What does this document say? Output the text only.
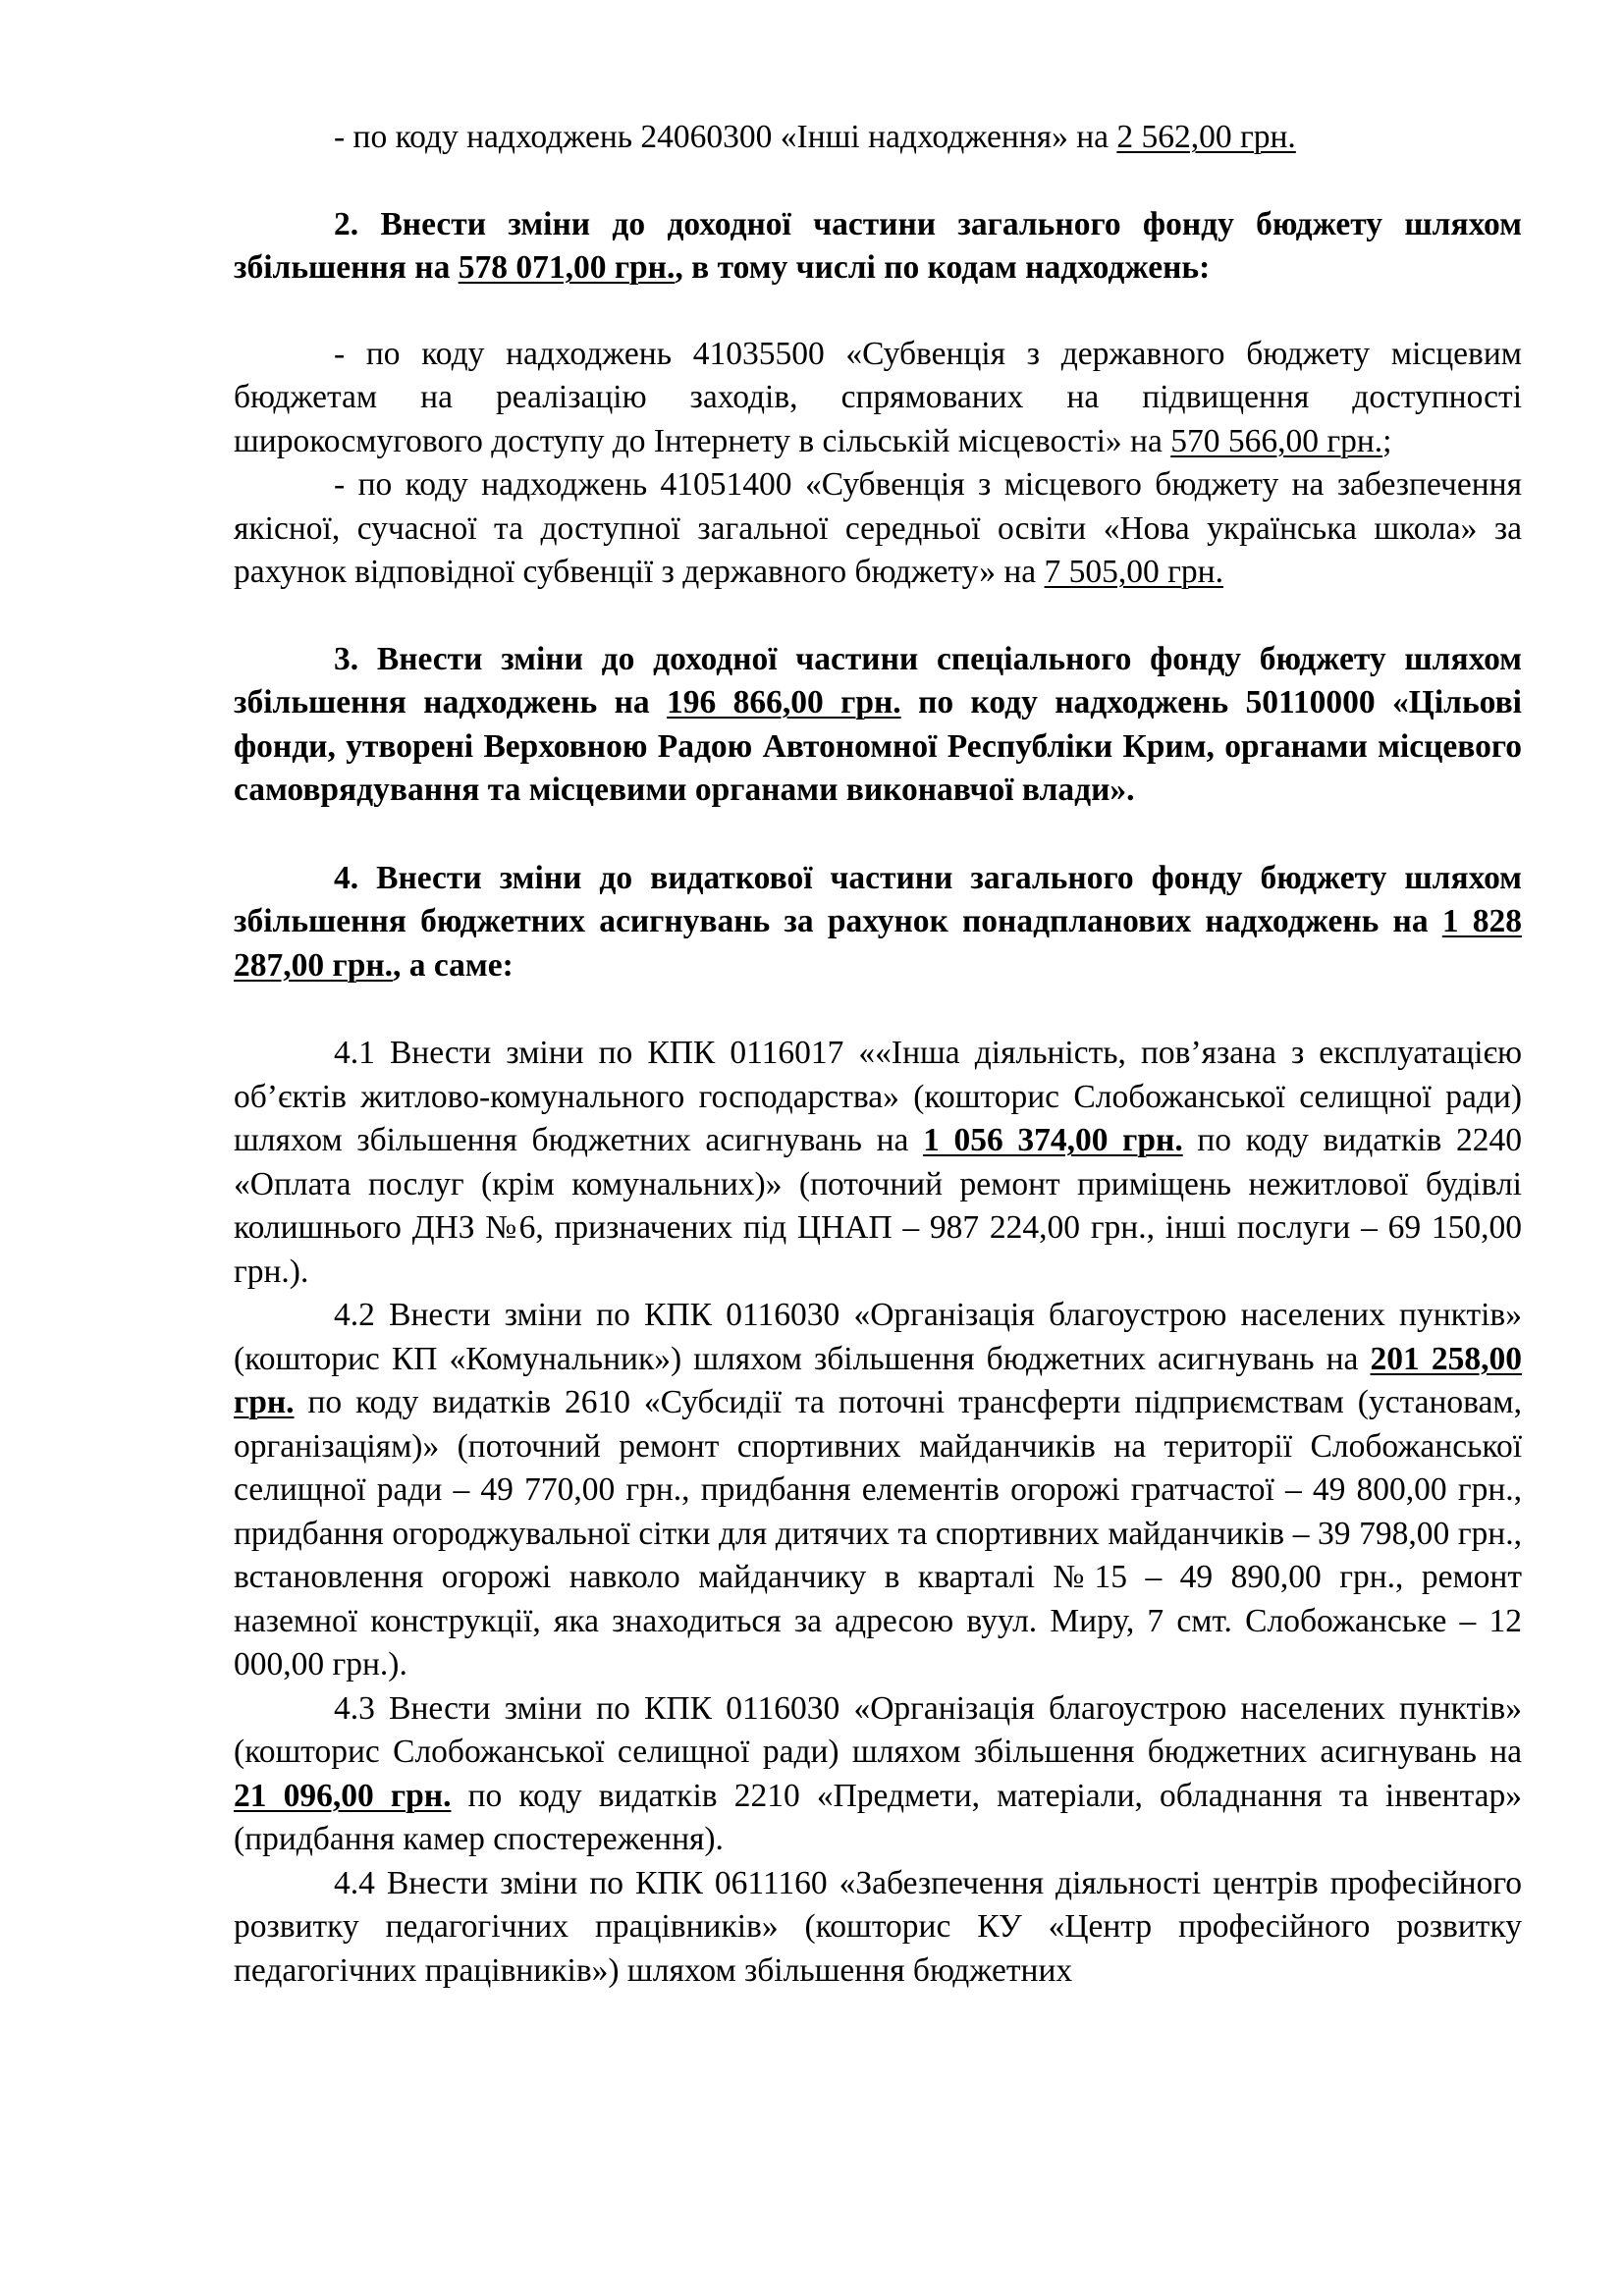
- по коду надходжень 24060300 «Інші надходження» на 2 562,00 грн.

2. Внести зміни до доходної частини загального фонду бюджету шляхом збільшення на 578 071,00 грн., в тому числі по кодам надходжень:

- по коду надходжень 41035500 «Субвенція з державного бюджету місцевим бюджетам на реалізацію заходів, спрямованих на підвищення доступності широкосмугового доступу до Інтернету в сільській місцевості» на 570 566,00 грн.;

- по коду надходжень 41051400 «Субвенція з місцевого бюджету на забезпечення якісної, сучасної та доступної загальної середньої освіти «Нова українська школа» за рахунок відповідної субвенції з державного бюджету» на 7 505,00 грн.

3. Внести зміни до доходної частини спеціального фонду бюджету шляхом збільшення надходжень на 196 866,00 грн. по коду надходжень 50110000 «Цільові фонди, утворені Верховною Радою Автономної Республіки Крим, органами місцевого самоврядування та місцевими органами виконавчої влади».

4. Внести зміни до видаткової частини загального фонду бюджету шляхом збільшення бюджетних асигнувань за рахунок понадпланових надходжень на 1 828 287,00 грн., а саме:

4.1 Внести зміни по КПК 0116017 ««Інша діяльність, пов’язана з експлуатацією об’єктів житлово-комунального господарства» (кошторис Слобожанської селищної ради) шляхом збільшення бюджетних асигнувань на 1 056 374,00 грн. по коду видатків 2240 «Оплата послуг (крім комунальних)» (поточний ремонт приміщень нежитлової будівлі колишнього ДНЗ №6, призначених під ЦНАП – 987 224,00 грн., інші послуги – 69 150,00 грн.).

4.2 Внести зміни по КПК 0116030 «Організація благоустрою населених пунктів» (кошторис КП «Комунальник») шляхом збільшення бюджетних асигнувань на 201 258,00 грн. по коду видатків 2610 «Субсидії та поточні трансферти підприємствам (установам, організаціям)» (поточний ремонт спортивних майданчиків на території Слобожанської селищної ради – 49 770,00 грн., придбання елементів огорожі гратчастої – 49 800,00 грн., придбання огороджувальної сітки для дитячих та спортивних майданчиків – 39 798,00 грн., встановлення огорожі навколо майданчику в кварталі №15 – 49 890,00 грн., ремонт наземної конструкції, яка знаходиться за адресою вуул. Миру, 7 смт. Слобожанське – 12 000,00 грн.).

4.3 Внести зміни по КПК 0116030 «Організація благоустрою населених пунктів» (кошторис Слобожанської селищної ради) шляхом збільшення бюджетних асигнувань на 21 096,00 грн. по коду видатків 2210 «Предмети, матеріали, обладнання та інвентар» (придбання камер спостереження).

4.4 Внести зміни по КПК 0611160 «Забезпечення діяльності центрів професійного розвитку педагогічних працівників» (кошторис КУ «Центр професійного розвитку педагогічних працівників») шляхом збільшення бюджетних
